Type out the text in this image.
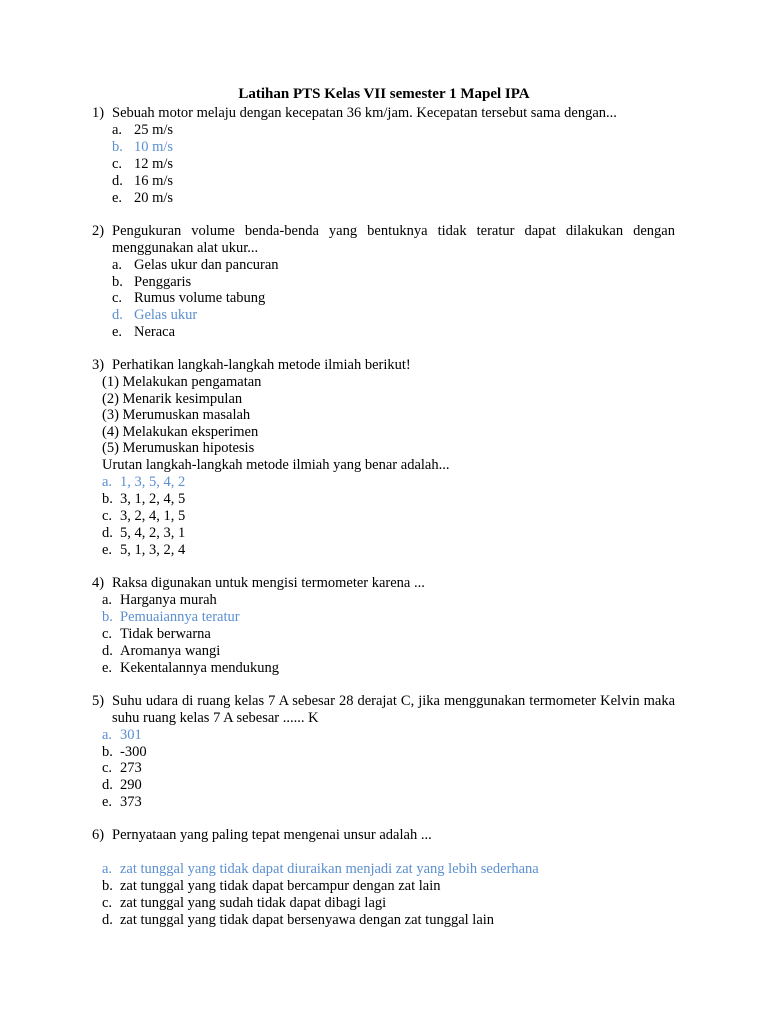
Latihan PTS Kelas VII semester 1 Mapel IPA
1) Sebuah motor melaju dengan kecepatan 36 km/jam. Kecepatan tersebut sama dengan...
a. 25 m/s
b. 10 m/s
c. 12 m/s
d. 16 m/s
e. 20 m/s
2) Pengukuran volume benda-benda yang bentuknya tidak teratur dapat dilakukan dengan menggunakan alat ukur...
a. Gelas ukur dan pancuran
b. Penggaris
c. Rumus volume tabung
d. Gelas ukur
e. Neraca
3) Perhatikan langkah-langkah metode ilmiah berikut!
(1) Melakukan pengamatan
(2) Menarik kesimpulan
(3) Merumuskan masalah
(4) Melakukan eksperimen
(5) Merumuskan hipotesis
Urutan langkah-langkah metode ilmiah yang benar adalah...
a. 1, 3, 5, 4, 2
b. 3, 1, 2, 4, 5
c. 3, 2, 4, 1, 5
d. 5, 4, 2, 3, 1
e. 5, 1, 3, 2, 4
4) Raksa digunakan untuk mengisi termometer karena ...
a. Harganya murah
b. Pemuaiannya teratur
c. Tidak berwarna
d. Aromanya wangi
e. Kekentalannya mendukung
5) Suhu udara di ruang kelas 7 A sebesar 28 derajat C, jika menggunakan termometer Kelvin maka suhu ruang kelas 7 A sebesar ...... K
a. 301
b. -300
c. 273
d. 290
e. 373
6) Pernyataan yang paling tepat mengenai unsur adalah ...
a. zat tunggal yang tidak dapat diuraikan menjadi zat yang lebih sederhana
b. zat tunggal yang tidak dapat bercampur dengan zat lain
c. zat tunggal yang sudah tidak dapat dibagi lagi
d. zat tunggal yang tidak dapat bersenyawa dengan zat tunggal lain
